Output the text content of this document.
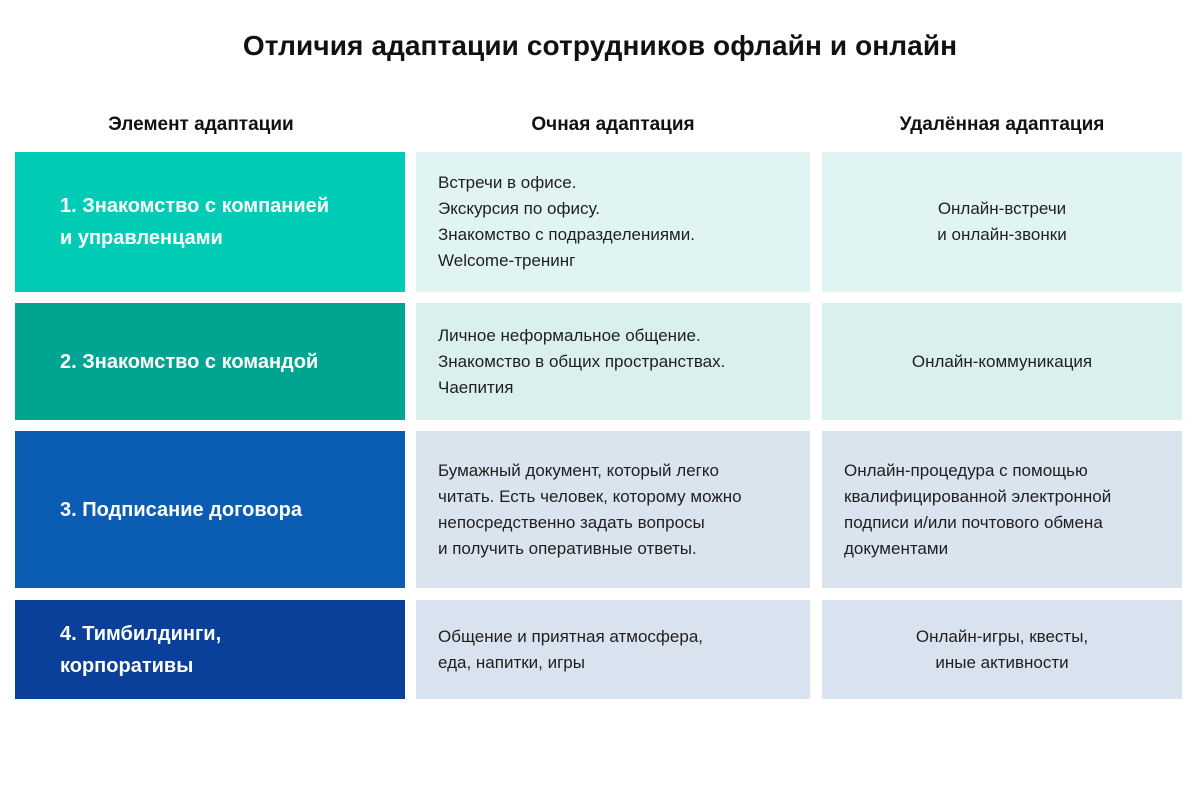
Отличия адаптации сотрудников офлайн и онлайн
Элемент адаптации	Очная адаптация	Удалённая адаптация
1. Знакомство с компанией
и управленцами
Встречи в офисе.
Экскурсия по офису.
Знакомство с подразделениями.
Welcome-тренинг
Онлайн-встречи
и онлайн-звонки
2. Знакомство с командой
Личное неформальное общение.
Знакомство в общих пространствах.
Чаепития
Онлайн-коммуникация
3. Подписание договора
Бумажный документ, который легко
читать. Есть человек, которому можно
непосредственно задать вопросы
и получить оперативные ответы.
Онлайн-процедура с помощью
квалифицированной электронной
подписи и/или почтового обмена
документами
4. Тимбилдинги,
корпоративы
Общение и приятная атмосфера,
еда, напитки, игры
Онлайн-игры, квесты,
иные активности
